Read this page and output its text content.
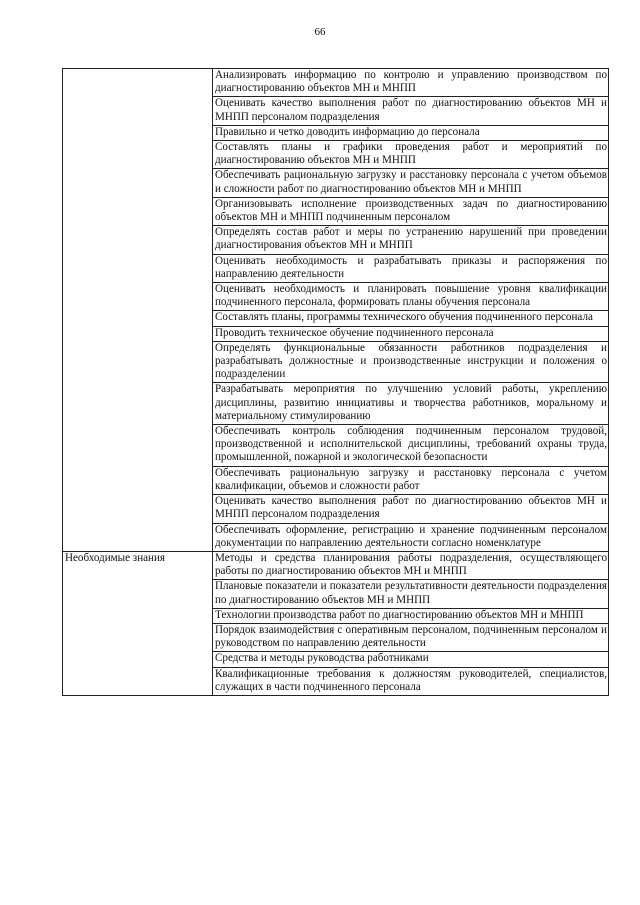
66
	Анализировать информацию по контролю и управлению производством по диагностированию объектов МН и МНПП
	Оценивать качество выполнения работ по диагностированию объектов МН и МНПП персоналом подразделения
	Правильно и четко доводить информацию до персонала
	Составлять планы и графики проведения работ и мероприятий по диагностированию объектов МН и МНПП
	Обеспечивать рациональную загрузку и расстановку персонала с учетом объемов и сложности работ по диагностированию объектов МН и МНПП
	Организовывать исполнение производственных задач по диагностированию объектов МН и МНПП подчиненным персоналом
	Определять состав работ и меры по устранению нарушений при проведении диагностирования объектов МН и МНПП
	Оценивать необходимость и разрабатывать приказы и распоряжения по направлению деятельности
	Оценивать необходимость и планировать повышение уровня квалификации подчиненного персонала, формировать планы обучения персонала
	Составлять планы, программы технического обучения подчиненного персонала
	Проводить техническое обучение подчиненного персонала
	Определять функциональные обязанности работников подразделения и разрабатывать должностные и производственные инструкции и положения о подразделении
	Разрабатывать мероприятия по улучшению условий работы, укреплению дисциплины, развитию инициативы и творчества работников, моральному и материальному стимулированию
	Обеспечивать контроль соблюдения подчиненным персоналом трудовой, производственной и исполнительской дисциплины, требований охраны труда, промышленной, пожарной и экологической безопасности
	Обеспечивать рациональную загрузку и расстановку персонала с учетом квалификации, объемов и сложности работ
	Оценивать качество выполнения работ по диагностированию объектов МН и МНПП персоналом подразделения
	Обеспечивать оформление, регистрацию и хранение подчиненным персоналом документации по направлению деятельности согласно номенклатуре
Необходимые знания	Методы и средства планирования работы подразделения, осуществляющего работы по диагностированию объектов МН и МНПП
	Плановые показатели и показатели результативности деятельности подразделения по диагностированию объектов МН и МНПП
	Технологии производства работ по диагностированию объектов МН и МНПП
	Порядок взаимодействия с оперативным персоналом, подчиненным персоналом и руководством по направлению деятельности
	Средства и методы руководства работниками
	Квалификационные требования к должностям руководителей, специалистов, служащих в части подчиненного персонала
